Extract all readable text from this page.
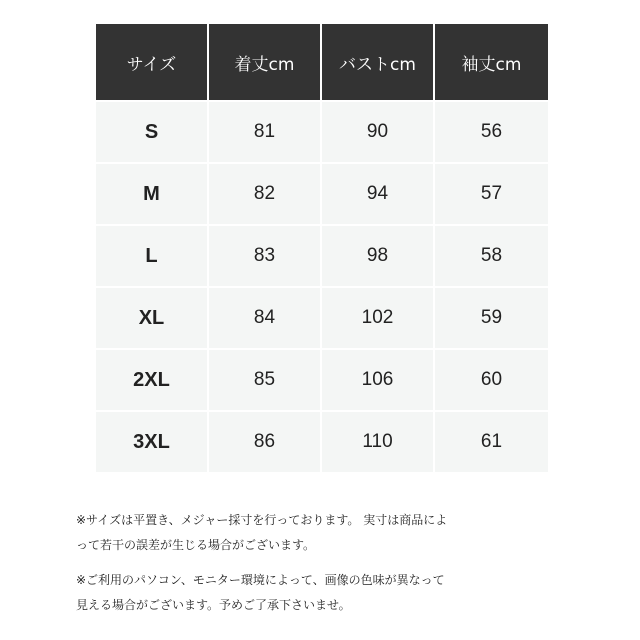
サイズ	着丈cm	バストcm	袖丈cm
S	81	90	56
M	82	94	57
L	83	98	58
XL	84	102	59
2XL	85	106	60
3XL	86	110	61
※サイズは平置き、メジャー採寸を行っております。 実寸は商品によ
って若干の誤差が生じる場合がございます。
※ご利用のパソコン、モニター環境によって、画像の色味が異なって
見える場合がございます。予めご了承下さいませ。
